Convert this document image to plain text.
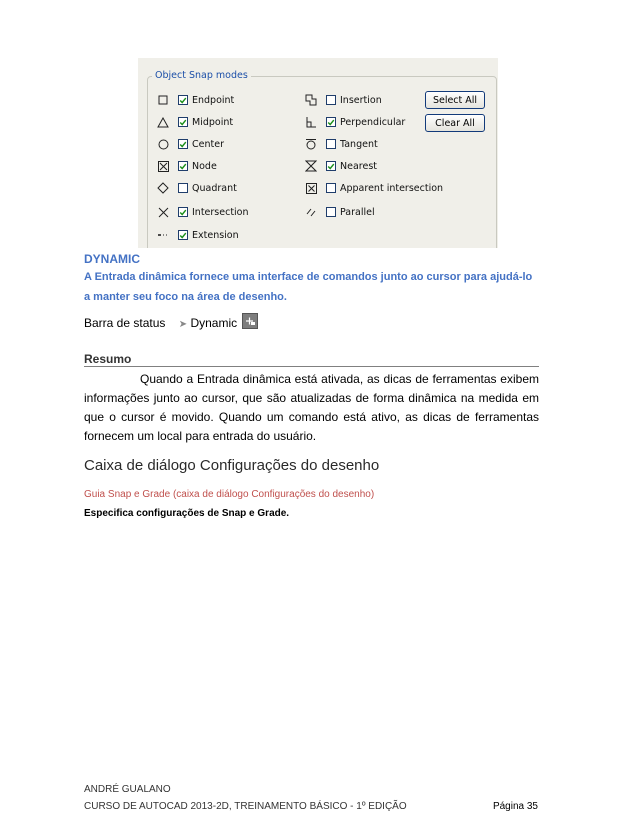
Object Snap modes
Endpoint
Midpoint
Center
Node
Quadrant
Intersection
Extension
Insertion
Perpendicular
Tangent
Nearest
Apparent intersection
Parallel
Select All
Clear All
DYNAMIC
A Entrada dinâmica fornece uma interface de comandos junto ao cursor para ajudá-lo
a manter seu foco na área de desenho.
Barra de status ➤ Dynamic
Resumo
Quando a Entrada dinâmica está ativada, as dicas de ferramentas exibem informações junto ao cursor, que são atualizadas de forma dinâmica na medida em que o cursor é movido. Quando um comando está ativo, as dicas de ferramentas fornecem um local para entrada do usuário.
Caixa de diálogo Configurações do desenho
Guia Snap e Grade (caixa de diálogo Configurações do desenho)
Especifica configurações de Snap e Grade.
ANDRÉ GUALANO
CURSO DE AUTOCAD 2013-2D, TREINAMENTO BÁSICO - 1º EDIÇÃO	Página 35
